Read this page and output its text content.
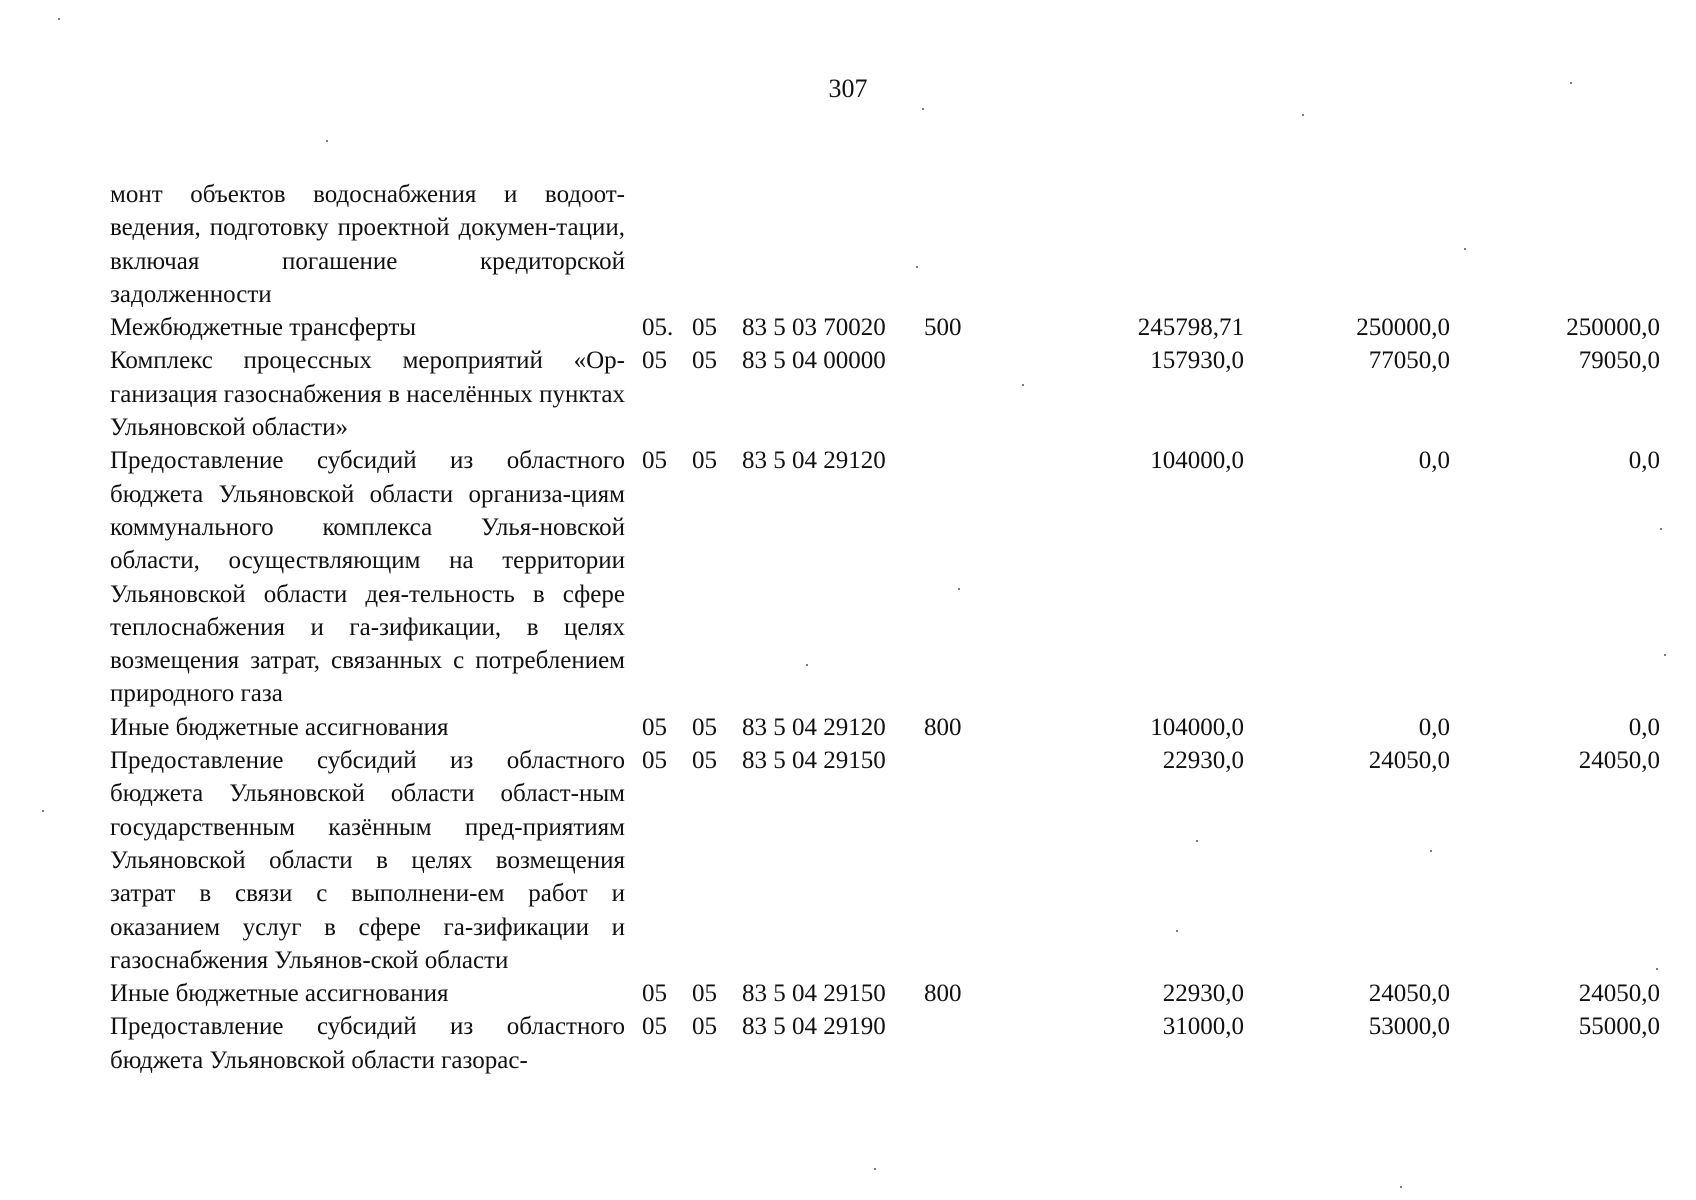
307
монт объектов водоснабжения и водоот-ведения, подготовку проектной докумен-тации, включая погашение кредиторской задолженности
Межбюджетные трансферты	05. 05 83 5 03 70020 500	245798,71	250000,0	250000,0
Комплекс процессных мероприятий «Ор-ганизация газоснабжения в населённых пунктах Ульяновской области»
05 05 83 5 04 00000	157930,0	77050,0	79050,0
Предоставление субсидий из областного бюджета Ульяновской области организа-циям коммунального комплекса Улья-новской области, осуществляющим на территории Ульяновской области дея-тельность в сфере теплоснабжения и га-зификации, в целях возмещения затрат, связанных с потреблением природного газа
05 05 83 5 04 29120	104000,0	0,0	0,0
Иные бюджетные ассигнования	05 05 83 5 04 29120 800	104000,0	0,0	0,0
Предоставление субсидий из областного бюджета Ульяновской области област-ным государственным казённым пред-приятиям Ульяновской области в целях возмещения затрат в связи с выполнени-ем работ и оказанием услуг в сфере га-зификации и газоснабжения Ульянов-ской области
05 05 83 5 04 29150	22930,0	24050,0	24050,0
Иные бюджетные ассигнования	05 05 83 5 04 29150 800	22930,0	24050,0	24050,0
Предоставление субсидий из областного бюджета Ульяновской области газорас-
05 05 83 5 04 29190	31000,0	53000,0	55000,0
